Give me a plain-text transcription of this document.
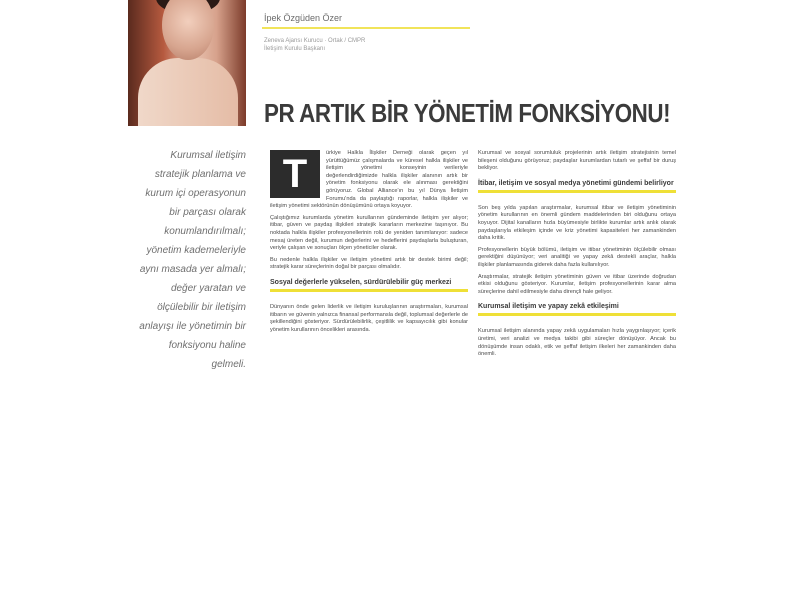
İpek Özgüden Özer
Zeneva Ajansı Kurucu · Ortak / CMPR
İletişim Kurulu Başkanı
PR ARTIK BİR YÖNETİM FONKSİYONU!
Kurumsal iletişim stratejik planlama ve kurum içi operasyonun bir parçası olarak konumlandırılmalı; yönetim kademeleriyle aynı masada yer almalı; değer yaratan ve ölçülebilir bir iletişim anlayışı ile yönetimin bir fonksiyonu haline gelmeli.
T	ürkiye Halkla İlişkiler Derneği olarak geçen yıl yürüttüğümüz çalışmalarda ve küresel halkla ilişkiler ve iletişim yönetimi konseyinin verileriyle değerlendirdiğimizde halkla ilişkiler alanının artık bir yönetim fonksiyonu olarak ele alınması gerektiğini görüyoruz. Global Alliance'ın bu yıl Dünya İletişim Forumu'nda da paylaştığı raporlar, halkla ilişkiler ve iletişim yönetimi sektörünün dönüşümünü ortaya koyuyor.

Çalıştığımız kurumlarda yönetim kurullarının gündeminde iletişim yer alıyor; itibar, güven ve paydaş ilişkileri stratejik kararların merkezine taşınıyor. Bu noktada halkla ilişkiler profesyonellerinin rolü de yeniden tanımlanıyor: sadece mesaj üreten değil, kurumun değerlerini ve hedeflerini paydaşlarla buluşturan, veriyle çalışan ve sonuçları ölçen yöneticiler olarak.

Bu nedenle halkla ilişkiler ve iletişim yönetimi artık bir destek birimi değil; stratejik karar süreçlerinin doğal bir parçası olmalıdır.

Sosyal değerlerle yükselen, sürdürülebilir güç merkezi

Dünyanın önde gelen liderlik ve iletişim kuruluşlarının araştırmaları, kurumsal itibarın ve güvenin yalnızca finansal performansla değil, toplumsal değerlerle de şekillendiğini gösteriyor. Sürdürülebilirlik, çeşitlilik ve kapsayıcılık gibi konular yönetim kurullarının öncelikleri arasında.

Kurumsal ve sosyal sorumluluk projelerinin artık iletişim stratejisinin temel bileşeni olduğunu görüyoruz; paydaşlar kurumlardan tutarlı ve şeffaf bir duruş bekliyor.

İtibar, iletişim ve sosyal medya yönetimi gündemi belirliyor

Son beş yılda yapılan araştırmalar, kurumsal itibar ve iletişim yönetiminin yönetim kurullarının en önemli gündem maddelerinden biri olduğunu ortaya koyuyor. Dijital kanalların hızla büyümesiyle birlikte kurumlar artık anlık olarak paydaşlarıyla etkileşim içinde ve kriz yönetimi kapasiteleri her zamankinden daha kritik.

Profesyonellerin büyük bölümü, iletişim ve itibar yönetiminin ölçülebilir olması gerektiğini düşünüyor; veri analitiği ve yapay zekâ destekli araçlar, halkla ilişkiler planlamasında giderek daha fazla kullanılıyor.

Araştırmalar, stratejik iletişim yönetiminin güven ve itibar üzerinde doğrudan etkisi olduğunu gösteriyor. Kurumlar, iletişim profesyonellerinin karar alma süreçlerine dahil edilmesiyle daha dirençli hale geliyor.

Kurumsal iletişim ve yapay zekâ etkileşimi

Kurumsal iletişim alanında yapay zekâ uygulamaları hızla yaygınlaşıyor; içerik üretimi, veri analizi ve medya takibi gibi süreçler dönüşüyor. Ancak bu dönüşümde insan odaklı, etik ve şeffaf iletişim ilkeleri her zamankinden daha önemli.
